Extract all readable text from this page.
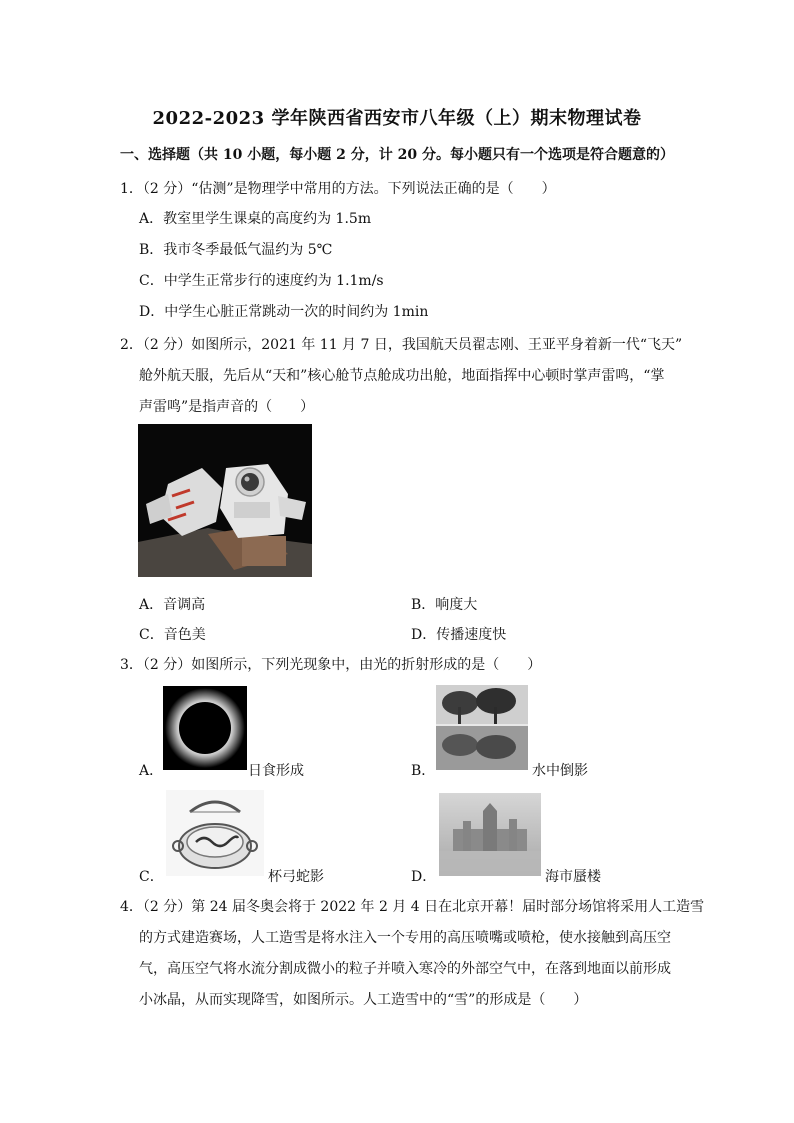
2022-2023 学年陕西省西安市八年级（上）期末物理试卷
一、选择题（共 10 小题，每小题 2 分，计 20 分。每小题只有一个选项是符合题意的）
1．（2 分）“估测”是物理学中常用的方法。下列说法正确的是（　　）
A．教室里学生课桌的高度约为 1.5m
B．我市冬季最低气温约为 5℃
C．中学生正常步行的速度约为 1.1m/s
D．中学生心脏正常跳动一次的时间约为 1min
2．（2 分）如图所示，2021 年 11 月 7 日，我国航天员翟志刚、王亚平身着新一代“飞天”
舱外航天服，先后从“天和”核心舱节点舱成功出舱，地面指挥中心顿时掌声雷鸣，“掌
声雷鸣”是指声音的（　　）
A．音调高	B．响度大
C．音色美	D．传播速度快
3．（2 分）如图所示，下列光现象中，由光的折射形成的是（　　）
A．	日食形成	B．	水中倒影
C．	杯弓蛇影	D．	海市蜃楼
4．（2 分）第 24 届冬奥会将于 2022 年 2 月 4 日在北京开幕！届时部分场馆将采用人工造雪
的方式建造赛场，人工造雪是将水注入一个专用的高压喷嘴或喷枪，使水接触到高压空
气，高压空气将水流分割成微小的粒子并喷入寒冷的外部空气中，在落到地面以前形成
小冰晶，从而实现降雪，如图所示。人工造雪中的“雪”的形成是（　　）
